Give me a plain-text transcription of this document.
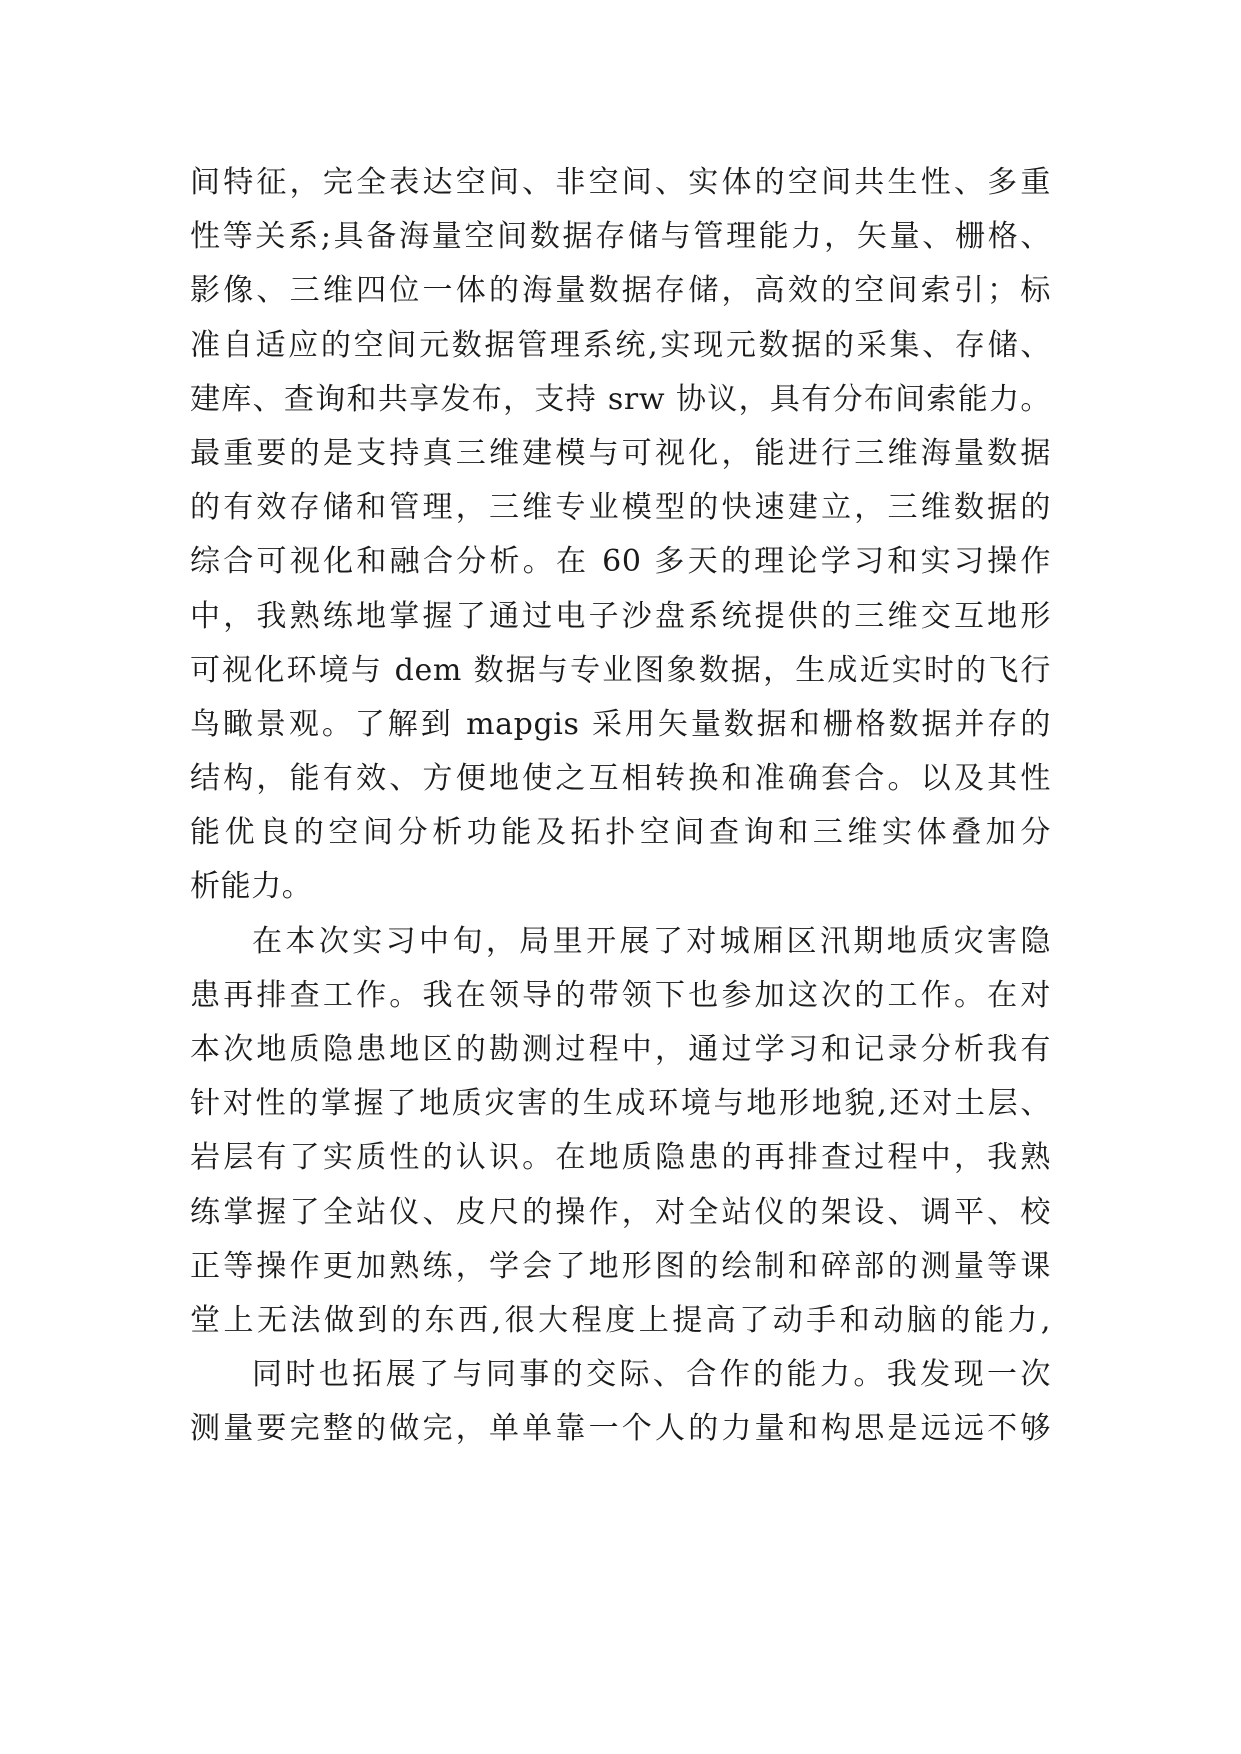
间特征，完全表达空间、非空间、实体的空间共生性、多重
性等关系;具备海量空间数据存储与管理能力，矢量、栅格、
影像、三维四位一体的海量数据存储，高效的空间索引；标
准自适应的空间元数据管理系统,实现元数据的采集、存储、
建库、查询和共享发布，支持 srw 协议，具有分布间索能力。
最重要的是支持真三维建模与可视化，能进行三维海量数据
的有效存储和管理，三维专业模型的快速建立，三维数据的
综合可视化和融合分析。在 60 多天的理论学习和实习操作
中，我熟练地掌握了通过电子沙盘系统提供的三维交互地形
可视化环境与 dem 数据与专业图象数据，生成近实时的飞行
鸟瞰景观。了解到 mapgis 采用矢量数据和栅格数据并存的
结构，能有效、方便地使之互相转换和准确套合。以及其性
能优良的空间分析功能及拓扑空间查询和三维实体叠加分
析能力。
在本次实习中旬，局里开展了对城厢区汛期地质灾害隐
患再排查工作。我在领导的带领下也参加这次的工作。在对
本次地质隐患地区的勘测过程中，通过学习和记录分析我有
针对性的掌握了地质灾害的生成环境与地形地貌,还对土层、
岩层有了实质性的认识。在地质隐患的再排查过程中，我熟
练掌握了全站仪、皮尺的操作，对全站仪的架设、调平、校
正等操作更加熟练，学会了地形图的绘制和碎部的测量等课
堂上无法做到的东西,很大程度上提高了动手和动脑的能力,
同时也拓展了与同事的交际、合作的能力。我发现一次
测量要完整的做完，单单靠一个人的力量和构思是远远不够
